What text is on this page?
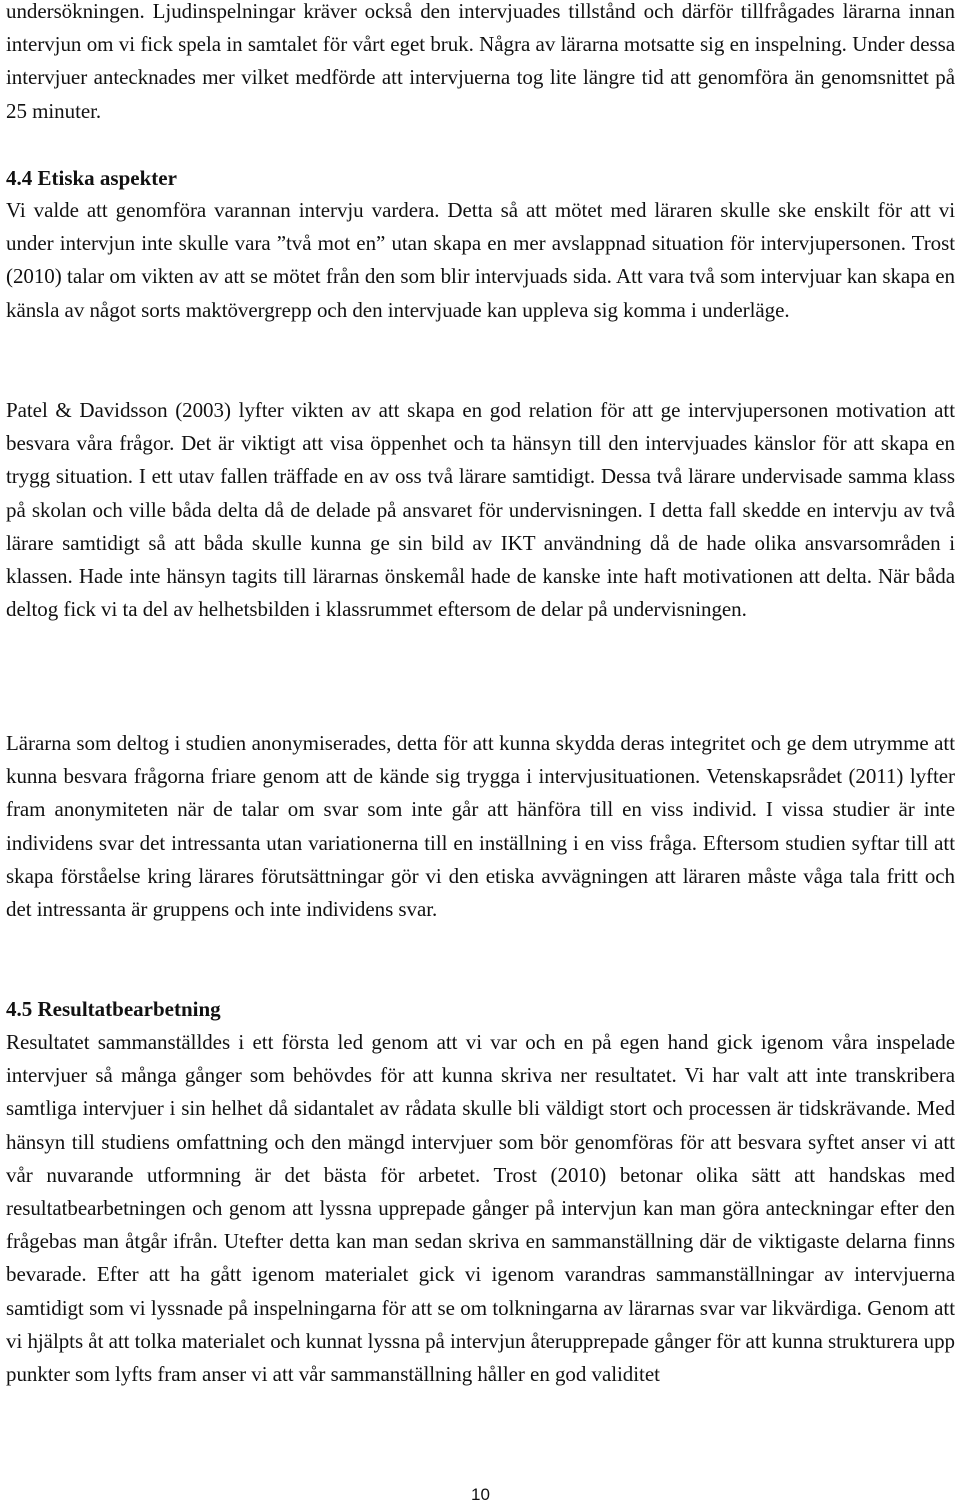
undersökningen. Ljudinspelningar kräver också den intervjuades tillstånd och därför tillfrågades lärarna innan intervjun om vi fick spela in samtalet för vårt eget bruk. Några av lärarna motsatte sig en inspelning. Under dessa intervjuer antecknades mer vilket medförde att intervjuerna tog lite längre tid att genomföra än genomsnittet på 25 minuter.

4.4 Etiska aspekter

Vi valde att genomföra varannan intervju vardera. Detta så att mötet med läraren skulle ske enskilt för att vi under intervjun inte skulle vara ”två mot en” utan skapa en mer avslappnad situation för intervjupersonen. Trost (2010) talar om vikten av att se mötet från den som blir intervjuads sida. Att vara två som intervjuar kan skapa en känsla av något sorts maktövergrepp och den intervjuade kan uppleva sig komma i underläge.

Patel & Davidsson (2003) lyfter vikten av att skapa en god relation för att ge intervjupersonen motivation att besvara våra frågor. Det är viktigt att visa öppenhet och ta hänsyn till den intervjuades känslor för att skapa en trygg situation. I ett utav fallen träffade en av oss två lärare samtidigt. Dessa två lärare undervisade samma klass på skolan och ville båda delta då de delade på ansvaret för undervisningen. I detta fall skedde en intervju av två lärare samtidigt så att båda skulle kunna ge sin bild av IKT användning då de hade olika ansvarsområden i klassen. Hade inte hänsyn tagits till lärarnas önskemål hade de kanske inte haft motivationen att delta. När båda deltog fick vi ta del av helhetsbilden i klassrummet eftersom de delar på undervisningen.

Lärarna som deltog i studien anonymiserades, detta för att kunna skydda deras integritet och ge dem utrymme att kunna besvara frågorna friare genom att de kände sig trygga i intervjusituationen. Vetenskapsrådet (2011) lyfter fram anonymiteten när de talar om svar som inte går att hänföra till en viss individ. I vissa studier är inte individens svar det intressanta utan variationerna till en inställning i en viss fråga. Eftersom studien syftar till att skapa förståelse kring lärares förutsättningar gör vi den etiska avvägningen att läraren måste våga tala fritt och det intressanta är gruppens och inte individens svar.

4.5 Resultatbearbetning

Resultatet sammanställdes i ett första led genom att vi var och en på egen hand gick igenom våra inspelade intervjuer så många gånger som behövdes för att kunna skriva ner resultatet. Vi har valt att inte transkribera samtliga intervjuer i sin helhet då sidantalet av rådata skulle bli väldigt stort och processen är tidskrävande. Med hänsyn till studiens omfattning och den mängd intervjuer som bör genomföras för att besvara syftet anser vi att vår nuvarande utformning är det bästa för arbetet. Trost (2010) betonar olika sätt att handskas med resultatbearbetningen och genom att lyssna upprepade gånger på intervjun kan man göra anteckningar efter den frågebas man åtgår ifrån. Utefter detta kan man sedan skriva en sammanställning där de viktigaste delarna finns bevarade. Efter att ha gått igenom materialet gick vi igenom varandras sammanställningar av intervjuerna samtidigt som vi lyssnade på inspelningarna för att se om tolkningarna av lärarnas svar var likvärdiga. Genom att vi hjälpts åt att tolka materialet och kunnat lyssna på intervjun återupprepade gånger för att kunna strukturera upp punkter som lyfts fram anser vi att vår sammanställning håller en god validitet

10
